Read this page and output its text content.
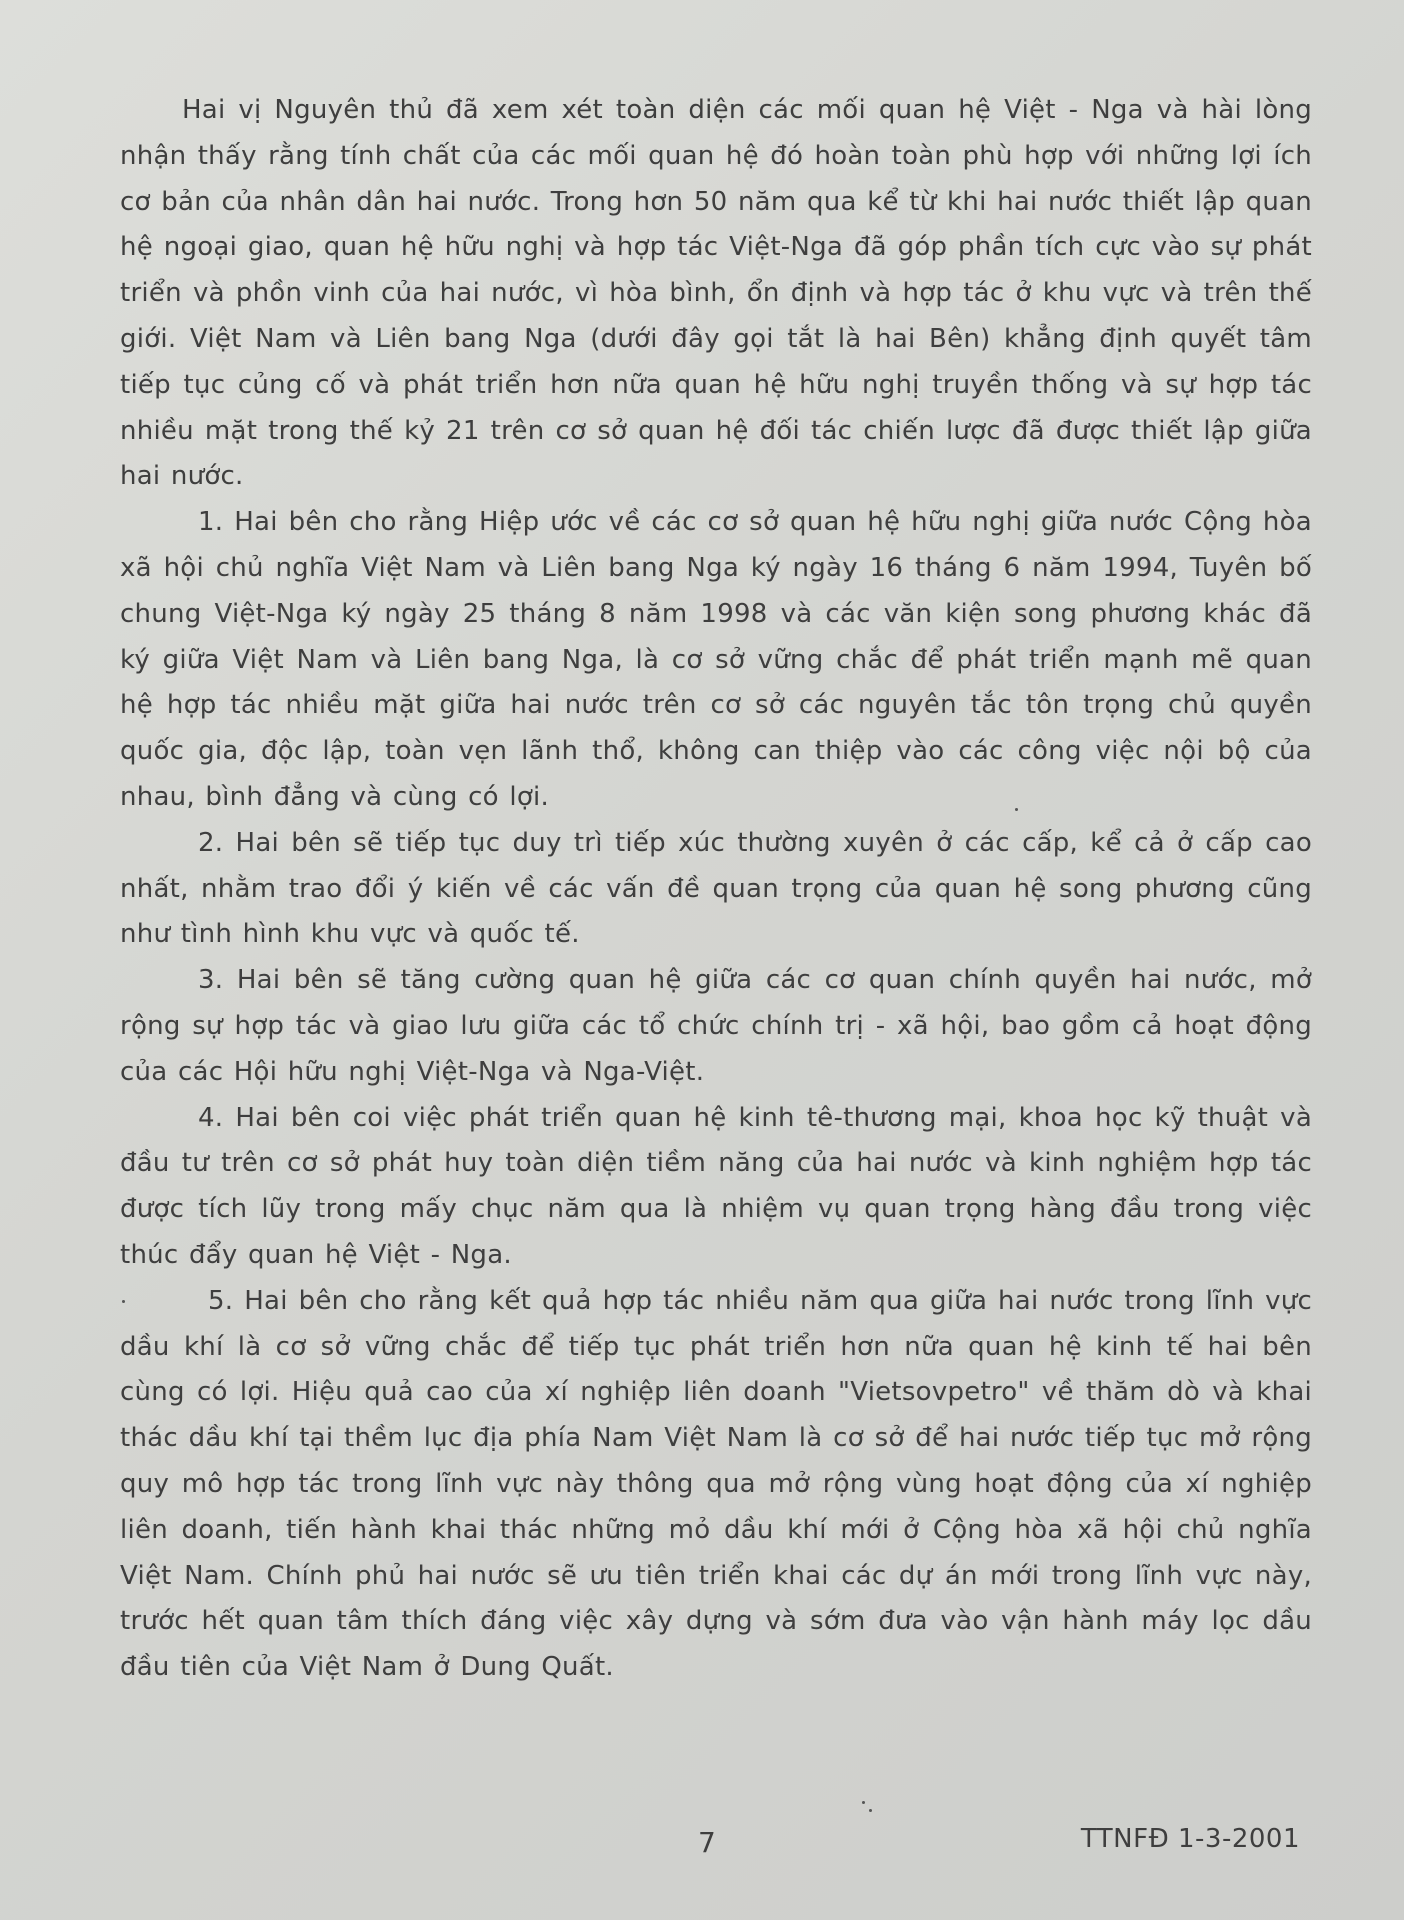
Hai vị Nguyên thủ đã xem xét toàn diện các mối quan hệ Việt - Nga và hài lòng nhận thấy rằng tính chất của các mối quan hệ đó hoàn toàn phù hợp với những lợi ích cơ bản của nhân dân hai nước. Trong hơn 50 năm qua kể từ khi hai nước thiết lập quan hệ ngoại giao, quan hệ hữu nghị và hợp tác Việt-Nga đã góp phần tích cực vào sự phát triển và phồn vinh của hai nước, vì hòa bình, ổn định và hợp tác ở khu vực và trên thế giới. Việt Nam và Liên bang Nga (dưới đây gọi tắt là hai Bên) khẳng định quyết tâm tiếp tục củng cố và phát triển hơn nữa quan hệ hữu nghị truyền thống và sự hợp tác nhiều mặt trong thế kỷ 21 trên cơ sở quan hệ đối tác chiến lược đã được thiết lập giữa hai nước.

1. Hai bên cho rằng Hiệp ước về các cơ sở quan hệ hữu nghị giữa nước Cộng hòa xã hội chủ nghĩa Việt Nam và Liên bang Nga ký ngày 16 tháng 6 năm 1994, Tuyên bố chung Việt-Nga ký ngày 25 tháng 8 năm 1998 và các văn kiện song phương khác đã ký giữa Việt Nam và Liên bang Nga, là cơ sở vững chắc để phát triển mạnh mẽ quan hệ hợp tác nhiều mặt giữa hai nước trên cơ sở các nguyên tắc tôn trọng chủ quyền quốc gia, độc lập, toàn vẹn lãnh thổ, không can thiệp vào các công việc nội bộ của nhau, bình đẳng và cùng có lợi.

2. Hai bên sẽ tiếp tục duy trì tiếp xúc thường xuyên ở các cấp, kể cả ở cấp cao nhất, nhằm trao đổi ý kiến về các vấn đề quan trọng của quan hệ song phương cũng như tình hình khu vực và quốc tế.

3. Hai bên sẽ tăng cường quan hệ giữa các cơ quan chính quyền hai nước, mở rộng sự hợp tác và giao lưu giữa các tổ chức chính trị - xã hội, bao gồm cả hoạt động của các Hội hữu nghị Việt-Nga và Nga-Việt.

4. Hai bên coi việc phát triển quan hệ kinh tê-thương mại, khoa học kỹ thuật và đầu tư trên cơ sở phát huy toàn diện tiềm năng của hai nước và kinh nghiệm hợp tác được tích lũy trong mấy chục năm qua là nhiệm vụ quan trọng hàng đầu trong việc thúc đẩy quan hệ Việt - Nga.

5. Hai bên cho rằng kết quả hợp tác nhiều năm qua giữa hai nước trong lĩnh vực dầu khí là cơ sở vững chắc để tiếp tục phát triển hơn nữa quan hệ kinh tế hai bên cùng có lợi. Hiệu quả cao của xí nghiệp liên doanh "Vietsovpetro" về thăm dò và khai thác dầu khí tại thềm lục địa phía Nam Việt Nam là cơ sở để hai nước tiếp tục mở rộng quy mô hợp tác trong lĩnh vực này thông qua mở rộng vùng hoạt động của xí nghiệp liên doanh, tiến hành khai thác những mỏ dầu khí mới ở Cộng hòa xã hội chủ nghĩa Việt Nam. Chính phủ hai nước sẽ ưu tiên triển khai các dự án mới trong lĩnh vực này, trước hết quan tâm thích đáng việc xây dựng và sớm đưa vào vận hành máy lọc dầu đầu tiên của Việt Nam ở Dung Quất.

7	TTNFĐ 1-3-2001
